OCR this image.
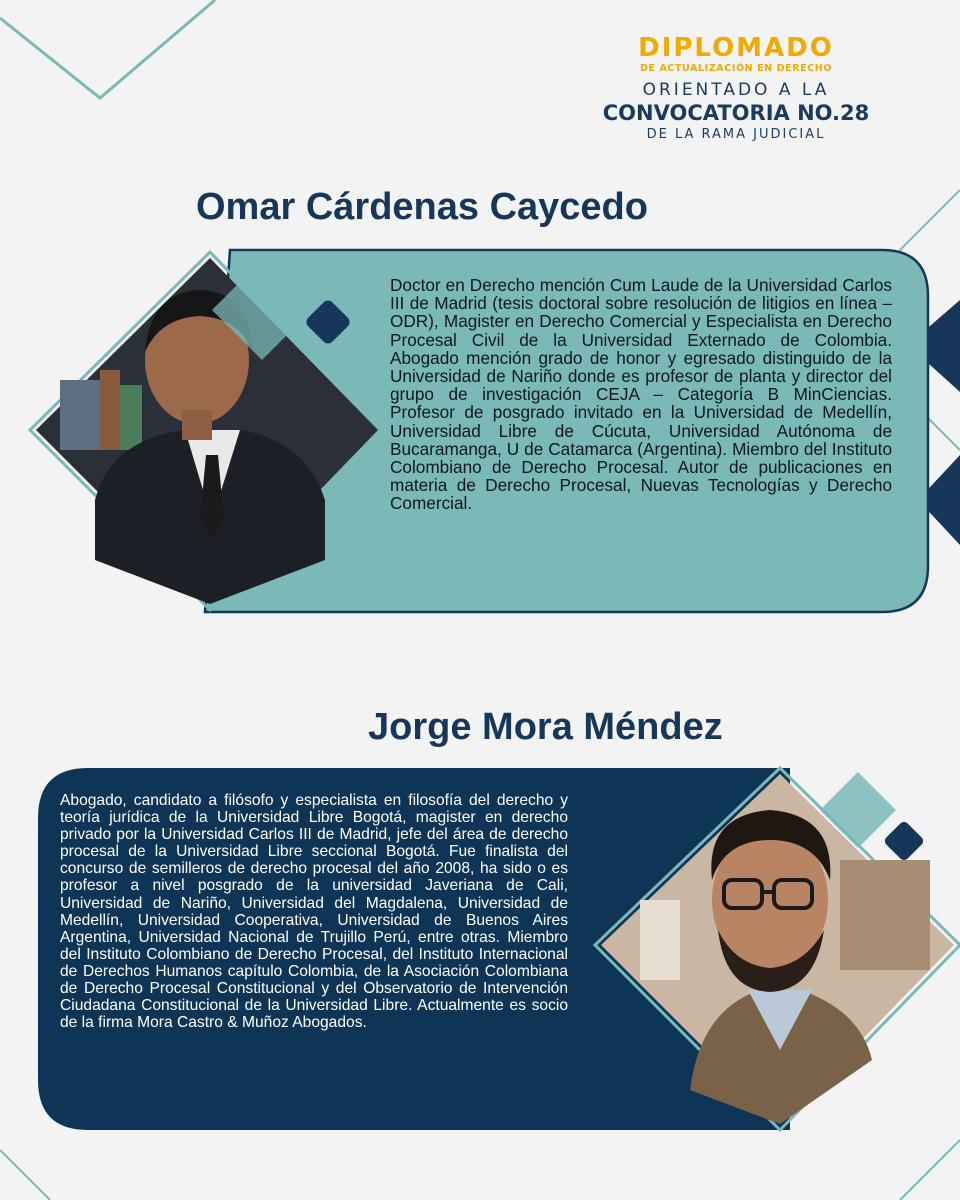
DIPLOMADO
DE ACTUALIZACIÓN EN DERECHO
ORIENTADO A LA
CONVOCATORIA NO.28
DE LA RAMA JUDICIAL
Omar Cárdenas Caycedo
Doctor en Derecho mención Cum Laude de la Universidad Carlos III de Madrid (tesis doctoral sobre resolución de litigios en línea – ODR), Magister en Derecho Comercial y Especialista en Derecho Procesal Civil de la Universidad Externado de Colombia. Abogado mención grado de honor y egresado distinguido de la Universidad de Nariño donde es profesor de planta y director del grupo de investigación CEJA – Categoría B MinCiencias. Profesor de posgrado invitado en la Universidad de Medellín, Universidad Libre de Cúcuta, Universidad Autónoma de Bucaramanga, U de Catamarca (Argentina). Miembro del Instituto Colombiano de Derecho Procesal. Autor de publicaciones en materia de Derecho Procesal, Nuevas Tecnologías y Derecho Comercial.
Jorge Mora Méndez
Abogado, candidato a filósofo y especialista en filosofía del derecho y teoría jurídica de la Universidad Libre Bogotá, magister en derecho privado por la Universidad Carlos III de Madrid, jefe del área de derecho procesal de la Universidad Libre seccional Bogotá. Fue finalista del concurso de semilleros de derecho procesal del año 2008, ha sido o es profesor a nivel posgrado de la universidad Javeriana de Cali, Universidad de Nariño, Universidad del Magdalena, Universidad de Medellín, Universidad Cooperativa, Universidad de Buenos Aires Argentina, Universidad Nacional de Trujillo Perú, entre otras. Miembro del Instituto Colombiano de Derecho Procesal, del Instituto Internacional de Derechos Humanos capítulo Colombia, de la Asociación Colombiana de Derecho Procesal Constitucional y del Observatorio de Intervención Ciudadana Constitucional de la Universidad Libre. Actualmente es socio de la firma Mora Castro & Muñoz Abogados.
